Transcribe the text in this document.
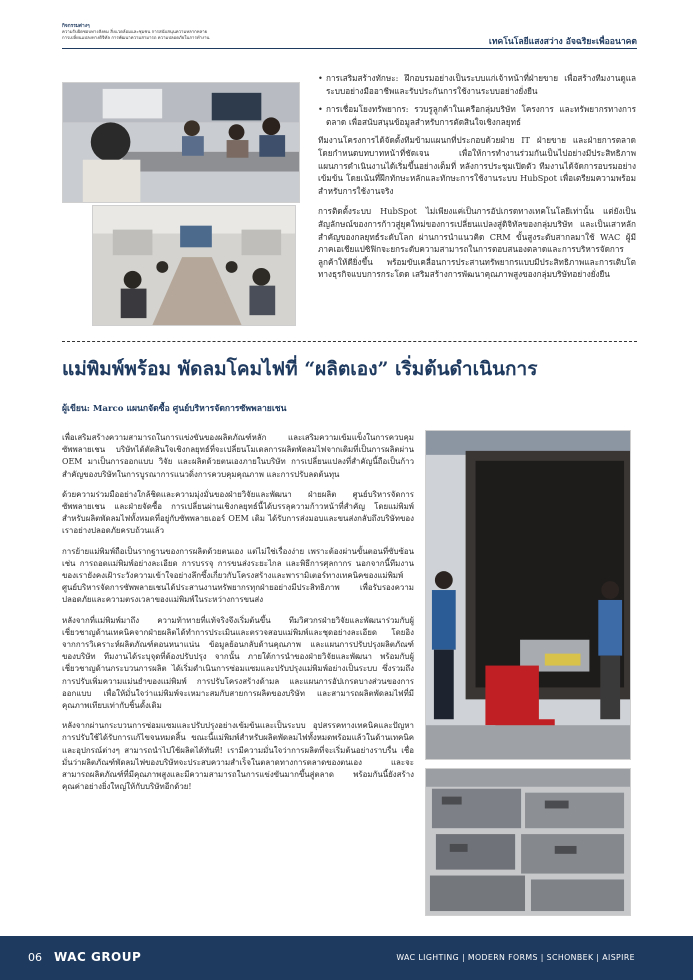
กิจกรรมต่างๆ
ความรับผิดชอบทางสังคม สิ่งแวดล้อมและชุมชน การสนับสนุนความหลากหลาย
การเปลี่ยนแปลงทางดิจิทัล การพัฒนาความสามารถ ความปลอดภัยในการทำงาน	เทคโนโลยีแสงสว่าง อัจฉริยะเพื่ออนาคต
• การเสริมสร้างทักษะ: ฝึกอบรมอย่างเป็นระบบแก่เจ้าหน้าที่ฝ่ายขาย เพื่อสร้างทีมงานดูแลระบบอย่างมืออาชีพและรับประกันการใช้งานระบบอย่างยั่งยืน
• การเชื่อมโยงทรัพยากร: รวบรูลูกค้าในเครือกลุ่มบริษัท โครงการ และทรัพยากรทางการตลาด เพื่อสนับสนุนข้อมูลสำหรับการตัดสินใจเชิงกลยุทธ์

ทีมงานโครงการได้จัดตั้งทีมข้ามแผนกที่ประกอบด้วยฝ่าย IT ฝ่ายขาย และฝ่ายการตลาด โดยกำหนดบทบาทหน้าที่ชัดเจน เพื่อให้การทำงานร่วมกันเป็นไปอย่างมีประสิทธิภาพ แผนการดำเนินงานได้เริ่มขึ้นอย่างเต็มที่ หลังการประชุมเปิดตัว ทีมงานได้จัดการอบรมอย่างเข้มข้น โดยเน้นที่ฝึกทักษะหลักและทักษะการใช้งานระบบ HubSpot เพื่อเตรียมความพร้อมสำหรับการใช้งานจริง

การติดตั้งระบบ HubSpot ไม่เพียงแค่เป็นการอัปเกรดทางเทคโนโลยีเท่านั้น แต่ยังเป็นสัญลักษณ์ของการก้าวสู่ยุคใหม่ของการเปลี่ยนแปลงสู่ดิจิทัลของกลุ่มบริษัท และเป็นเสาหลักสำคัญของกลยุทธ์ระดับโลก ผ่านการนำแนวคิด CRM ขั้นสูงระดับสากลมาใช้ WAC ผู้มีภาคเอเชียแปซิฟิกจะยกระดับความสามารถในการตอบสนองตลาดและการบริหารจัดการลูกค้าให้ดียิ่งขึ้น พร้อมขับเคลื่อนการประสานทรัพยากรแบบมีประสิทธิภาพและการเติบโตทางธุรกิจแบบการกระโดด เสริมสร้างการพัฒนาคุณภาพสูงของกลุ่มบริษัทอย่างยั่งยืน

แม่พิมพ์พร้อม พัดลมโคมไฟที่ “ผลิตเอง” เริ่มต้นดำเนินการ
ผู้เขียน: Marco แผนกจัดซื้อ ศูนย์บริหารจัดการซัพพลายเชน

เพื่อเสริมสร้างความสามารถในการแข่งขันของผลิตภัณฑ์หลัก และเสริมความเข้มแข็งในการควบคุมซัพพลายเชน บริษัทได้ตัดสินใจเชิงกลยุทธ์ที่จะเปลี่ยนโมเดลการผลิตพัดลมไฟจากเดิมที่เป็นการผลิตผ่าน OEM มาเป็นการออกแบบ วิจัย และผลิตด้วยตนเองภายในบริษัท การเปลี่ยนแปลงที่สำคัญนี้ถือเป็นก้าวสำคัญของบริษัทในการบูรณาการแนวดิ่งการควบคุมคุณภาพ และการปรับลดต้นทุน

ด้วยความร่วมมืออย่างใกล้ชิดและความมุ่งมั่นของฝ่ายวิจัยและพัฒนา ฝ่ายผลิต ศูนย์บริหารจัดการซัพพลายเชน และฝ่ายจัดซื้อ การเปลี่ยนผ่านเชิงกลยุทธ์นี้ได้บรรลุความก้าวหน้าที่สำคัญ โดยแม่พิมพ์สำหรับผลิตพัดลมไฟทั้งหมดที่อยู่กับซัพพลายเออร์ OEM เดิม ได้รับการส่งมอบและขนส่งกลับถึงบริษัทของเราอย่างปลอดภัยครบถ้วนแล้ว

การย้ายแม่พิมพ์ถือเป็นรากฐานของการผลิตด้วยตนเอง แต่ไม่ใช่เรื่องง่าย เพราะต้องผ่านขั้นตอนที่ซับซ้อน เช่น การถอดแม่พิมพ์อย่างละเอียด การบรรจุ การขนส่งระยะไกล และพิธีการศุลกากร นอกจากนี้ทีมงานของเรายังคงเฝ้าระวังความเข้าใจอย่างลึกซึ้งเกี่ยวกับโครงสร้างและพารามิเตอร์ทางเทคนิคของแม่พิมพ์ ศูนย์บริหารจัดการซัพพลายเชนได้ประสานงานทรัพยากรทุกฝ่ายอย่างมีประสิทธิภาพ เพื่อรับรองความปลอดภัยและความตรงเวลาของแม่พิมพ์ในระหว่างการขนส่ง

หลังจากที่แม่พิมพ์มาถึง ความท้าทายที่แท้จริงจึงเริ่มต้นขึ้น ทีมวิศวกรฝ่ายวิจัยและพัฒนาร่วมกับผู้เชี่ยวชาญด้านเทคนิคจากฝ่ายผลิตได้ทำการประเมินและตรวจสอบแม่พิมพ์และชุดอย่างละเอียด โดยอิงจากการวิเคราะห์ผลิตภัณฑ์ตอนหนาแน่น ข้อมูลย้อนกลับด้านคุณภาพ และแผนการปรับปรุงผลิตภัณฑ์ของบริษัท ทีมงานได้ระบุจุดที่ต้องปรับปรุง จากนั้น ภายใต้การนำของฝ่ายวิจัยและพัฒนา พร้อมกับผู้เชี่ยวชาญด้านกระบวนการผลิต ได้เริ่มดำเนินการซ่อมแซมและปรับปรุงแม่พิมพ์อย่างเป็นระบบ ซึ่งรวมถึงการปรับเพิ่มความแม่นยำของแม่พิมพ์ การปรับโครงสร้างด้ามล และแผนการอัปเกรดบางส่วนของการออกแบบ เพื่อให้มั่นใจว่าแม่พิมพ์จะเหมาะสมกับสายการผลิตของบริษัท และสามารถผลิตพัดลมไฟที่มีคุณภาพเทียบเท่ากับชิ้นดั้งเดิม

หลังจากผ่านกระบวนการซ่อมแซมและปรับปรุงอย่างเข้มข้นและเป็นระบบ อุปสรรคทางเทคนิคและปัญหาการปรับใช้ได้รับการแก้ไขจนหมดสิ้น ขณะนี้แม่พิมพ์สำหรับผลิตพัดลมไฟทั้งหมดพร้อมแล้วในด้านเทคนิคและอุปกรณ์ต่างๆ สามารถนำไปใช้ผลิตได้ทันที! เรามีความมั่นใจว่าการผลิตที่จะเริ่มต้นอย่างราบรื่น เชื่อมั่นว่าผลิตภัณฑ์พัดลมไฟของบริษัทจะประสบความสำเร็จในตลาดทางการตลาดของตนเอง และจะสามารถผลิตภัณฑ์ที่มีคุณภาพสูงและมีความสามารถในการแข่งขันมากขึ้นสู่ตลาด พร้อมกันนี้ยังสร้างคุณค่าอย่างยิ่งใหญ่ให้กับบริษัทอีกด้วย!

06 WAC GROUP	WAC LIGHTING | MODERN FORMS | SCHONBEK | AISPIRE
